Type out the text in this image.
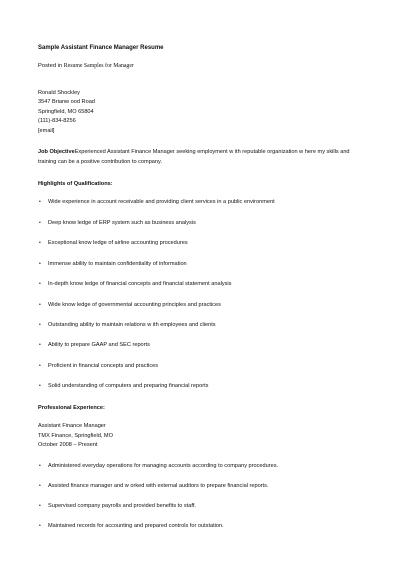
Sample Assistant Finance Manager Resume
Posted in Resume Samples for Manager
Ronald Shockley
3547 Brianw ood Road
Springfield, MO 65804
(111)-834-8256
[email]
Job ObjectiveExperienced Assistant Finance Manager seeking employment w ith reputable organization w here my skills and training can be a positive contribution to company.
Highlights of Qualifications:
• Wide experience in account receivable and providing client services in a public environment
• Deep know ledge of ERP system such as business analysis
• Exceptional know ledge of airline accounting procedures
• Immense ability to maintain confidentiality of information
• In-depth know ledge of financial concepts and financial statement analysis
• Wide know ledge of governmental accounting principles and practices
• Outstanding ability to maintain relations w ith employees and clients
• Ability to prepare GAAP and SEC reports
• Proficient in financial concepts and practices
• Solid understanding of computers and preparing financial reports
Professional Experience:
Assistant Finance Manager
TMX Finance, Springfield, MO
October 2008 – Present
• Administered everyday operations for managing accounts according to company procedures.
• Assisted finance manager and w orked with external auditors to prepare financial reports.
• Supervised company payrolls and provided benefits to staff.
• Maintained records for accounting and prepared controls for outstation.
